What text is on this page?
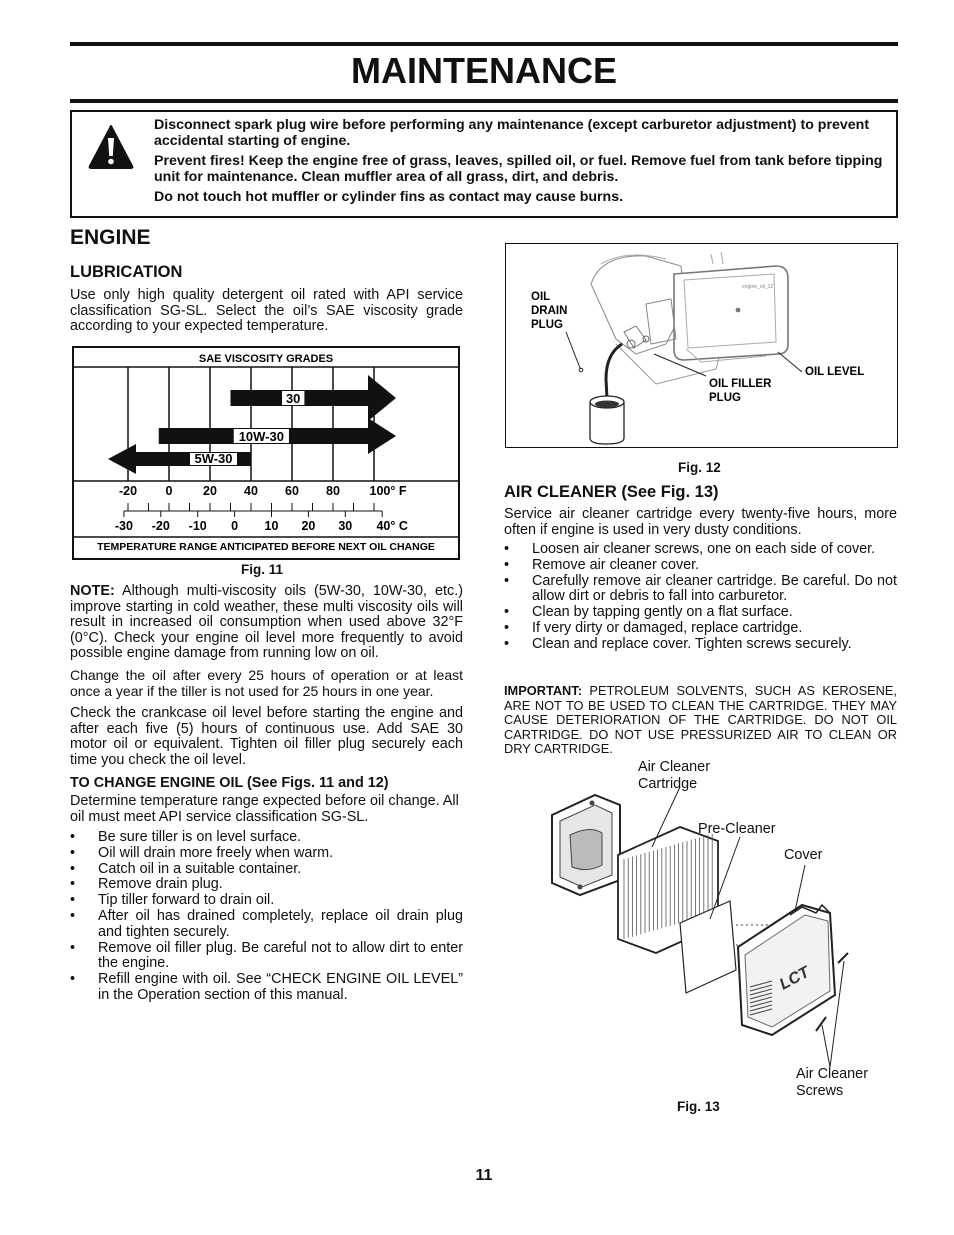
MAINTENANCE

Disconnect spark plug wire before performing any maintenance (except carburetor adjustment) to prevent accidental starting of engine.

Prevent fires! Keep the engine free of grass, leaves, spilled oil, or fuel. Remove fuel from tank before tipping unit for maintenance. Clean muffler area of all grass, dirt, and debris.

Do not touch hot muffler or cylinder fins as contact may cause burns.

ENGINE
LUBRICATION
Use only high quality detergent oil rated with API service classification SG-SL. Select the oil’s SAE viscosity grade according to your expected temperature.
SAE VISCOSITY GRADES
30
10W-30
5W-30
-20 0 20 40 60 80 100° F
-30 -20 -10 0 10 20 30 40° C
TEMPERATURE RANGE ANTICIPATED BEFORE NEXT OIL CHANGE
Fig. 11
NOTE: Although multi-viscosity oils (5W-30, 10W-30, etc.) improve starting in cold weather, these multi viscosity oils will result in increased oil consumption when used above 32°F (0°C). Check your engine oil level more frequently to avoid possible engine damage from running low on oil.
Change the oil after every 25 hours of operation or at least once a year if the tiller is not used for 25 hours in one year.
Check the crankcase oil level before starting the engine and after each five (5) hours of continuous use. Add SAE 30 motor oil or equivalent. Tighten oil filler plug securely each time you check the oil level.
TO CHANGE ENGINE OIL (See Figs. 11 and 12)
Determine temperature range expected before oil change. All oil must meet API service classification SG-SL.
• Be sure tiller is on level surface.
• Oil will drain more freely when warm.
• Catch oil in a suitable container.
• Remove drain plug.
• Tip tiller forward to drain oil.
• After oil has drained completely, replace oil drain plug and tighten securely.
• Remove oil filler plug. Be careful not to allow dirt to enter the engine.
• Refill engine with oil. See “CHECK ENGINE OIL LEVEL” in the Operation section of this manual.
engine_oil_12
OIL
DRAIN
PLUG
OIL FILLER
PLUG
OIL LEVEL
Fig. 12
AIR CLEANER (See Fig. 13)
Service air cleaner cartridge every twenty-five hours, more often if engine is used in very dusty conditions.
• Loosen air cleaner screws, one on each side of cover.
• Remove air cleaner cover.
• Carefully remove air cleaner cartridge. Be careful. Do not allow dirt or debris to fall into carburetor.
• Clean by tapping gently on a flat surface.
• If very dirty or damaged, replace cartridge.
• Clean and replace cover. Tighten screws securely.
IMPORTANT: PETROLEUM SOLVENTS, SUCH AS KEROSENE, ARE NOT TO BE USED TO CLEAN THE CARTRIDGE. THEY MAY CAUSE DETERIORATION OF THE CARTRIDGE. DO NOT OIL CARTRIDGE. DO NOT USE PRESSURIZED AIR TO CLEAN OR DRY CARTRIDGE.
LCT
Air Cleaner
Cartridge
Pre-Cleaner
Cover
Air Cleaner
Screws
Fig. 13
11
